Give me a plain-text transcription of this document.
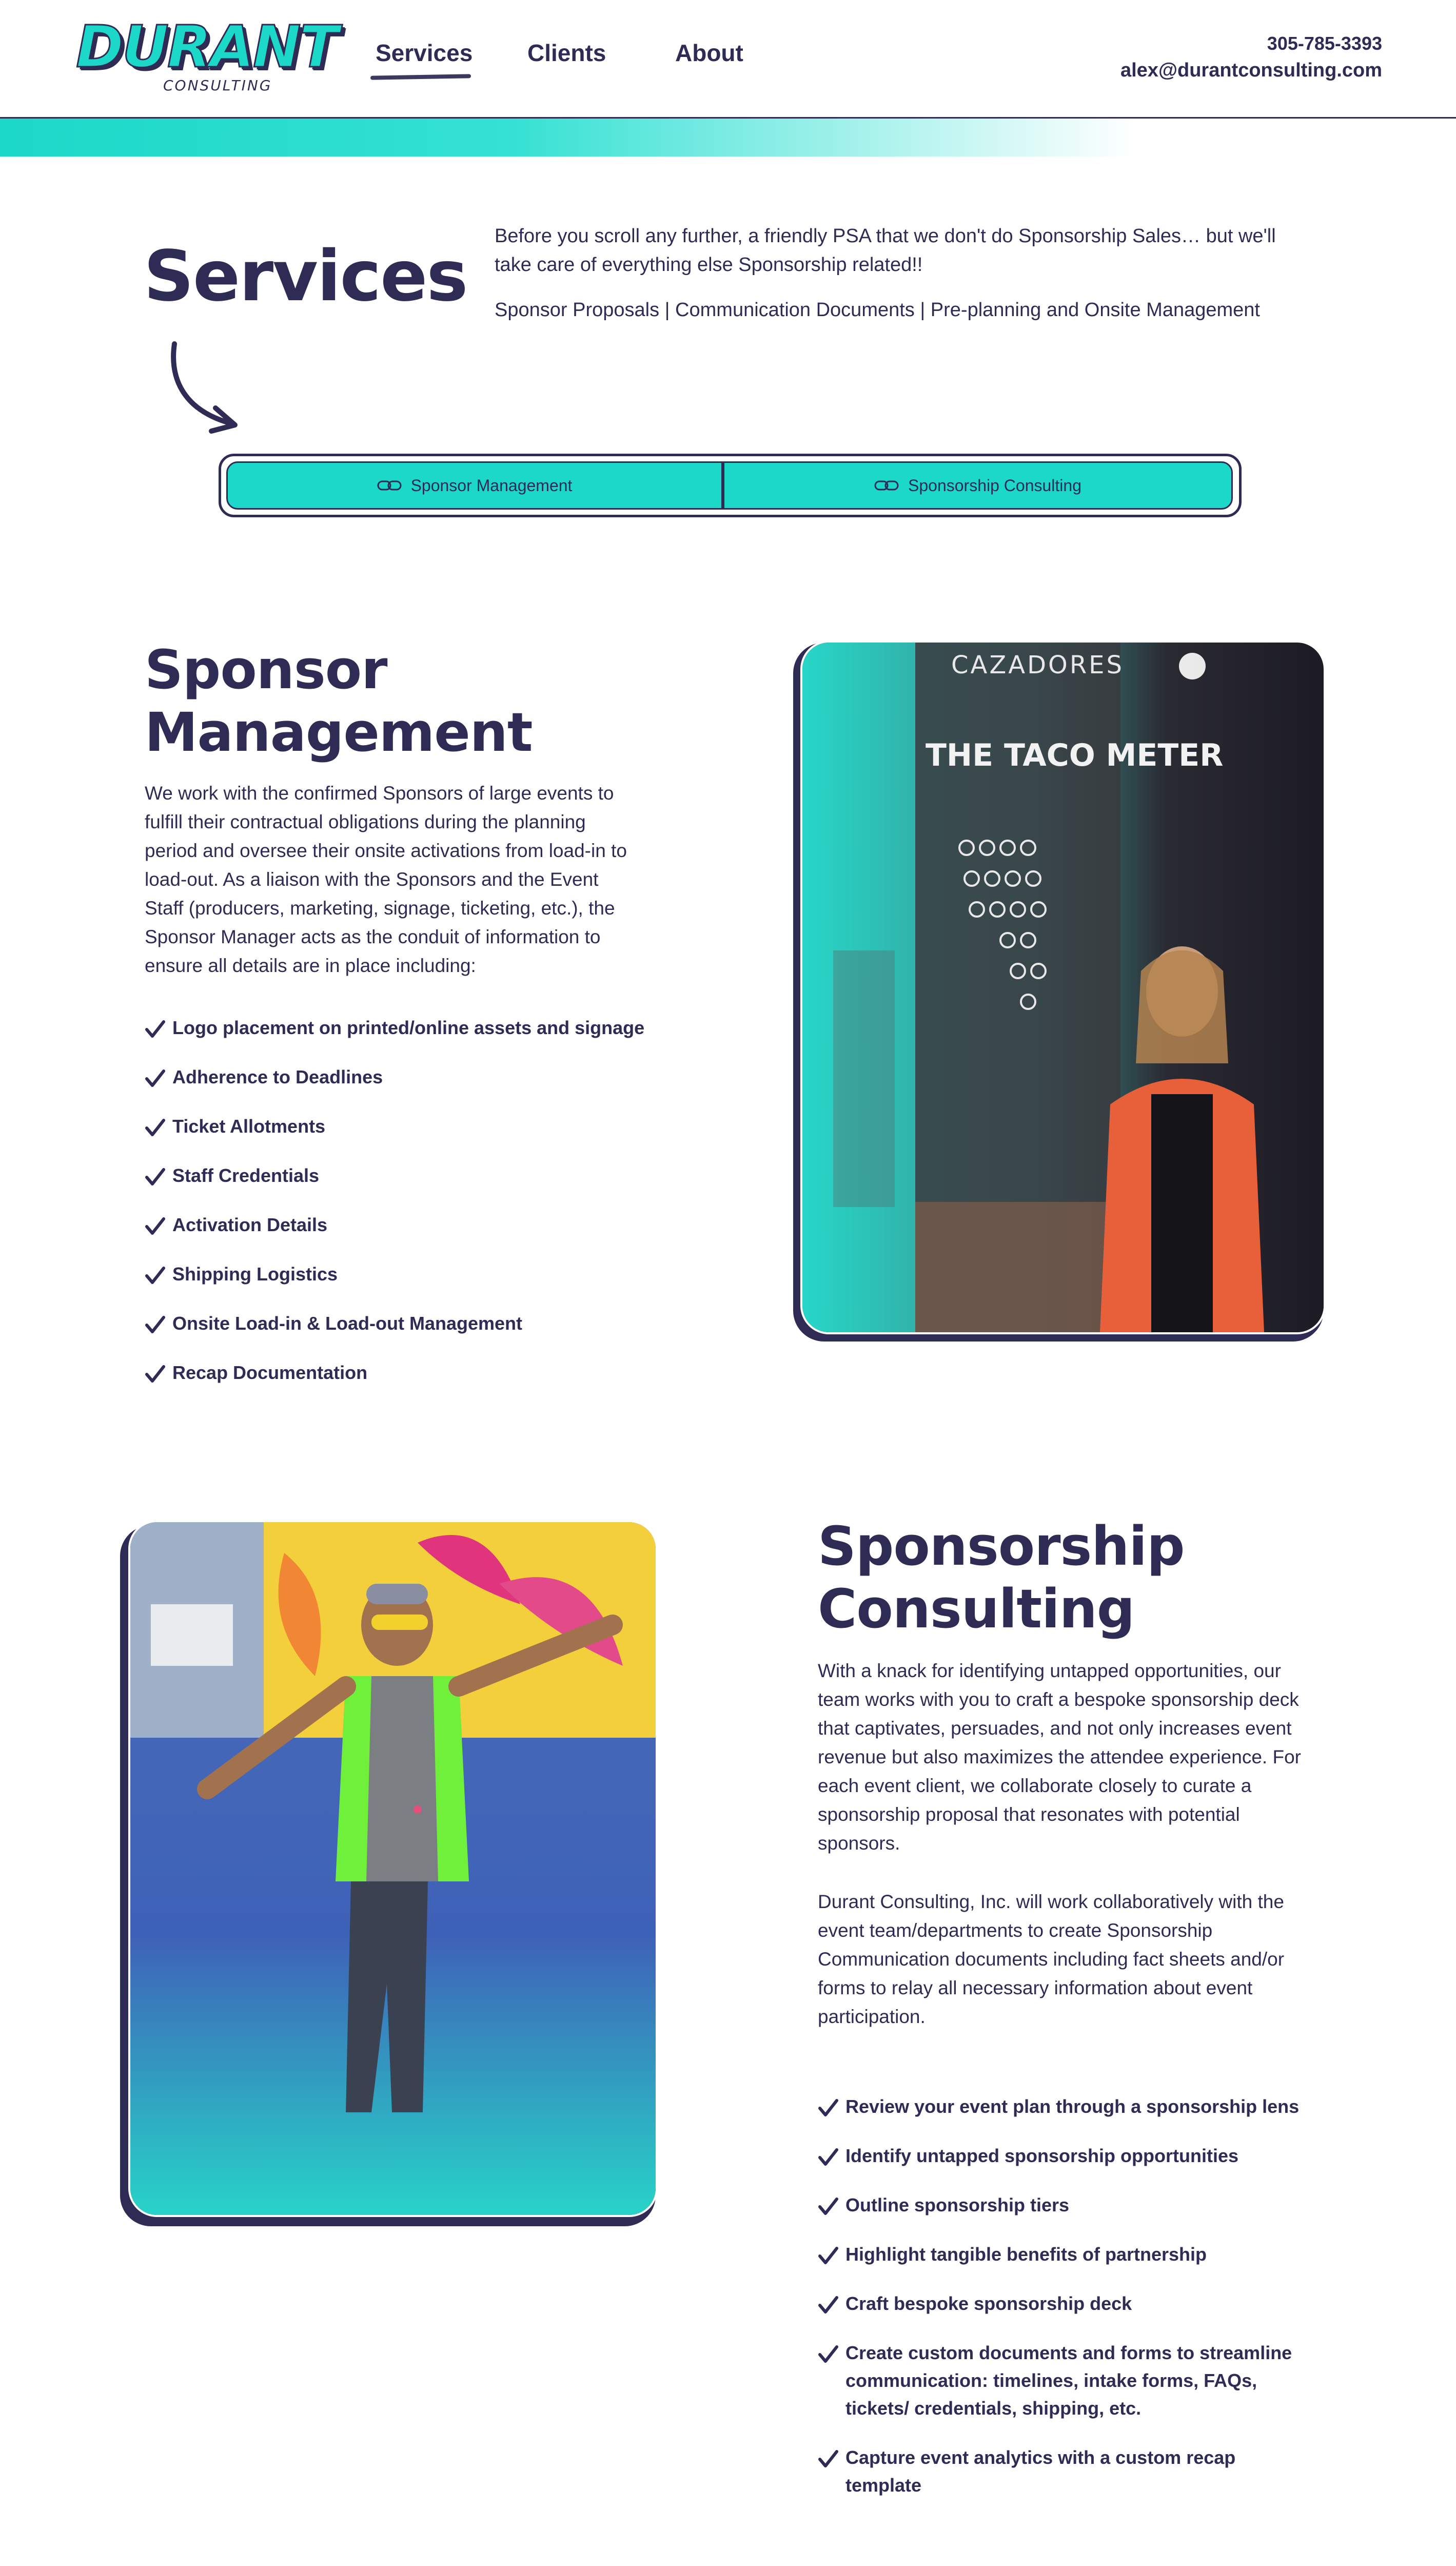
DURANT
CONSULTING
Services Clients	About	305-785-3393
alex@durantconsulting.com
Services Before you scroll any further, a friendly PSA that we don't do Sponsorship Sales… but we'll take care of everything else Sponsorship related!!
Sponsor Proposals | Communication Documents | Pre-planning and Onsite Management
Sponsor Management	Sponsorship Consulting
Sponsor
Management
We work with the confirmed Sponsors of large events to fulfill their contractual obligations during the planning period and oversee their onsite activations from load-in to load-out. As a liaison with the Sponsors and the Event Staff (producers, marketing, signage, ticketing, etc.), the Sponsor Manager acts as the conduit of information to ensure all details are in place including:
Logo placement on printed/online assets and signage
Adherence to Deadlines
Ticket Allotments
Staff Credentials
Activation Details
Shipping Logistics
Onsite Load-in & Load-out Management
Recap Documentation
CAZADORES
THE TACO METER
Sponsorship
Consulting
With a knack for identifying untapped opportunities, our team works with you to craft a bespoke sponsorship deck that captivates, persuades, and not only increases event revenue but also maximizes the attendee experience. For each event client, we collaborate closely to curate a sponsorship proposal that resonates with potential sponsors.
Durant Consulting, Inc. will work collaboratively with the event team/departments to create Sponsorship Communication documents including fact sheets and/or forms to relay all necessary information about event participation.
Review your event plan through a sponsorship lens
Identify untapped sponsorship opportunities
Outline sponsorship tiers
Highlight tangible benefits of partnership
Craft bespoke sponsorship deck
Create custom documents and forms to streamline communication: timelines, intake forms, FAQs, tickets/ credentials, shipping, etc.
Capture event analytics with a custom recap template
